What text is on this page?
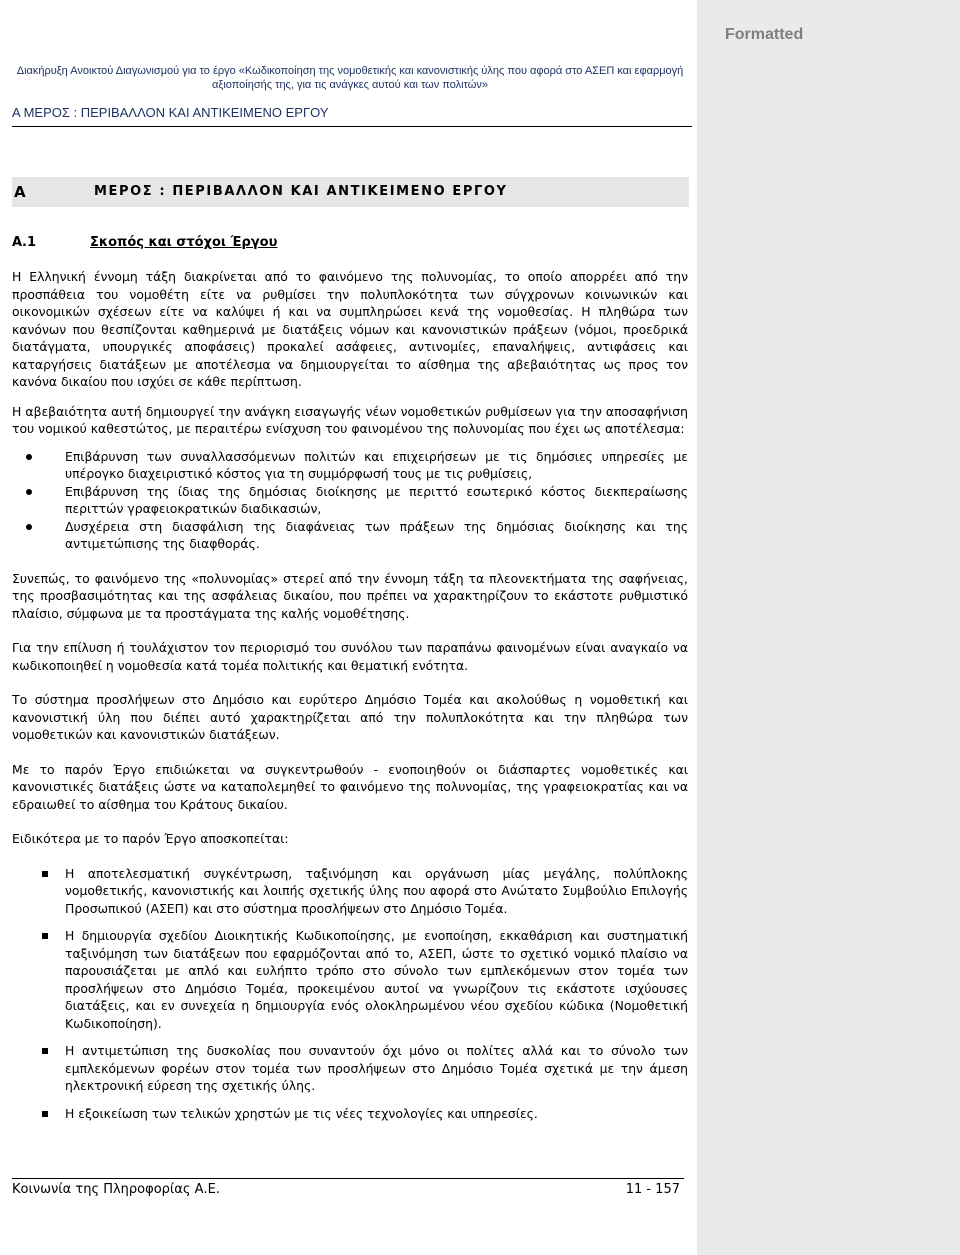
Formatted
Διακήρυξη Ανοικτού Διαγωνισμού για το έργο «Κωδικοποίηση της νομοθετικής και κανονιστικής ύλης που αφορά στο ΑΣΕΠ και εφαρμογή
αξιοποίησής της, για τις ανάγκες αυτού και των πολιτών»
Α ΜΕΡΟΣ : ΠΕΡΙΒΑΛΛΟΝ ΚΑΙ ΑΝΤΙΚΕΙΜΕΝΟ ΕΡΓΟΥ
Α	ΜΕΡΟΣ : ΠΕΡΙΒΑΛΛΟΝ ΚΑΙ ΑΝΤΙΚΕΙΜΕΝΟ ΕΡΓΟΥ
Α.1	Σκοπός και στόχοι Έργου

Η Ελληνική έννομη τάξη διακρίνεται από το φαινόμενο της πολυνομίας, το οποίο απορρέει από την προσπάθεια του νομοθέτη είτε να ρυθμίσει την πολυπλοκότητα των σύγχρονων κοινωνικών και οικονομικών σχέσεων είτε να καλύψει ή και να συμπληρώσει κενά της νομοθεσίας. Η πληθώρα των κανόνων που θεσπίζονται καθημερινά με διατάξεις νόμων και κανονιστικών πράξεων (νόμοι, προεδρικά διατάγματα, υπουργικές αποφάσεις) προκαλεί ασάφειες, αντινομίες, επαναλήψεις, αντιφάσεις και καταργήσεις διατάξεων με αποτέλεσμα να δημιουργείται το αίσθημα της αβεβαιότητας ως προς τον κανόνα δικαίου που ισχύει σε κάθε περίπτωση.

Η αβεβαιότητα αυτή δημιουργεί την ανάγκη εισαγωγής νέων νομοθετικών ρυθμίσεων για την αποσαφήνιση του νομικού καθεστώτος, με περαιτέρω ενίσχυση του φαινομένου της πολυνομίας που έχει ως αποτέλεσμα:

Επιβάρυνση των συναλλασσόμενων πολιτών και επιχειρήσεων με τις δημόσιες υπηρεσίες με υπέρογκο διαχειριστικό κόστος για τη συμμόρφωσή τους με τις ρυθμίσεις,
Επιβάρυνση της ίδιας της δημόσιας διοίκησης με περιττό εσωτερικό κόστος διεκπεραίωσης περιττών γραφειοκρατικών διαδικασιών,
Δυσχέρεια στη διασφάλιση της διαφάνειας των πράξεων της δημόσιας διοίκησης και της αντιμετώπισης της διαφθοράς.

Συνεπώς, το φαινόμενο της «πολυνομίας» στερεί από την έννομη τάξη τα πλεονεκτήματα της σαφήνειας, της προσβασιμότητας και της ασφάλειας δικαίου, που πρέπει να χαρακτηρίζουν το εκάστοτε ρυθμιστικό πλαίσιο, σύμφωνα με τα προστάγματα της καλής νομοθέτησης.

Για την επίλυση ή τουλάχιστον τον περιορισμό του συνόλου των παραπάνω φαινομένων είναι αναγκαίο να κωδικοποιηθεί η νομοθεσία κατά τομέα πολιτικής και θεματική ενότητα.

Το σύστημα προσλήψεων στο Δημόσιο και ευρύτερο Δημόσιο Τομέα και ακολούθως η νομοθετική και κανονιστική ύλη που διέπει αυτό χαρακτηρίζεται από την πολυπλοκότητα και την πληθώρα των νομοθετικών και κανονιστικών διατάξεων.

Με το παρόν Έργο επιδιώκεται να συγκεντρωθούν - ενοποιηθούν οι διάσπαρτες νομοθετικές και κανονιστικές διατάξεις ώστε να καταπολεμηθεί το φαινόμενο της πολυνομίας, της γραφειοκρατίας και να εδραιωθεί το αίσθημα του Κράτους δικαίου.

Ειδικότερα με το παρόν Έργο αποσκοπείται:

Η αποτελεσματική συγκέντρωση, ταξινόμηση και οργάνωση μίας μεγάλης, πολύπλοκης νομοθετικής, κανονιστικής και λοιπής σχετικής ύλης που αφορά στο Ανώτατο Συμβούλιο Επιλογής Προσωπικού (ΑΣΕΠ) και στο σύστημα προσλήψεων στο Δημόσιο Τομέα.
Η δημιουργία σχεδίου Διοικητικής Κωδικοποίησης, με ενοποίηση, εκκαθάριση και συστηματική ταξινόμηση των διατάξεων που εφαρμόζονται από το, ΑΣΕΠ, ώστε το σχετικό νομικό πλαίσιο να παρουσιάζεται με απλό και ευλήπτο τρόπο στο σύνολο των εμπλεκόμενων στον τομέα των προσλήψεων στο Δημόσιο Τομέα, προκειμένου αυτοί να γνωρίζουν τις εκάστοτε ισχύουσες διατάξεις, και εν συνεχεία η δημιουργία ενός ολοκληρωμένου νέου σχεδίου κώδικα (Νομοθετική Κωδικοποίηση).
Η αντιμετώπιση της δυσκολίας που συναντούν όχι μόνο οι πολίτες αλλά και το σύνολο των εμπλεκόμενων φορέων στον τομέα των προσλήψεων στο Δημόσιο Τομέα σχετικά με την άμεση ηλεκτρονική εύρεση της σχετικής ύλης.
Η εξοικείωση των τελικών χρηστών με τις νέες τεχνολογίες και υπηρεσίες.
Κοινωνία της Πληροφορίας Α.Ε.	11 - 157
